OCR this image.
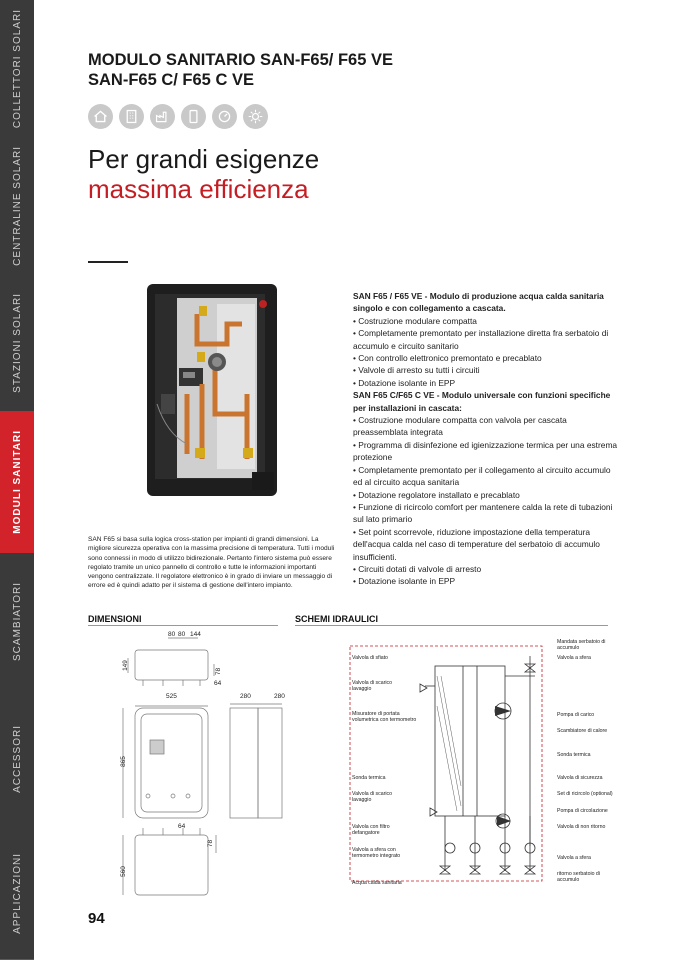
COLLETTORI SOLARI
CENTRALINE SOLARI
STAZIONI SOLARI
MODULI SANITARI
SCAMBIATORI
ACCESSORI
APPLICAZIONI
MODULO SANITARIO SAN-F65/ F65 VE
SAN-F65 C/ F65 C VE
Per grandi esigenze
massima efficienza

SAN F65 / F65 VE - Modulo di produzione acqua calda sanitaria singolo e con collegamento a cascata.

• Costruzione modulare compatta

• Completamente premontato per installazione diretta fra serbatoio di accumulo e circuito sanitario

• Con controllo elettronico premontato e precablato

• Valvole di arresto su tutti i circuiti

• Dotazione isolante in EPP

SAN F65 C/F65 C VE - Modulo universale con funzioni specifiche per installazioni in cascata:

• Costruzione modulare compatta con valvola per cascata preassemblata integrata

• Programma di disinfezione ed igienizzazione termica per una estrema protezione

• Completamente premontato per il collegamento al circuito accumulo ed al circuito acqua sanitaria

• Dotazione regolatore installato e precablato

• Funzione di ricircolo comfort per mantenere calda la rete di tubazioni sul lato primario

• Set point scorrevole, riduzione impostazione della temperatura dell'acqua calda nel caso di temperature del serbatoio di accumulo insufficienti.

• Circuiti dotati di valvole di arresto

• Dotazione isolante in EPP

SAN F65 si basa sulla logica cross-station per impianti di grandi dimensioni. La migliore sicurezza operativa con la massima precisione di temperatura. Tutti i moduli sono connessi in modo di utilizzo bidirezionale. Pertanto l'intero sistema può essere regolato tramite un unico pannello di controllo e tutte le informazioni importanti vengono centralizzate. Il regolatore elettronico è in grado di inviare un messaggio di errore ed è quindi adatto per il sistema di gestione dell'intero impianto.
DIMENSIONI	SCHEMI IDRAULICI
80 80 144
149
78
64
525	280	280
865
64
78
560
Valvola di sfiato
Valvola di scarico lavaggio
Misuratore di portata volumetrica con termometro
Sonda termica
Valvola di scarico lavaggio
Valvola con filtro defangatore
Valvola a sfera con termometro integrato
Acqua calda sanitaria
Mandata serbatoio di accumulo
Valvola a sfera
Pompa di carico
Scambiatore di calore
Sonda termica
Valvola di sicurezza
Set di ricircolo (optional)
Pompa di circolazione
Valvola di non ritorno
Valvola a sfera
ritorno serbatoio di accumulo
94
